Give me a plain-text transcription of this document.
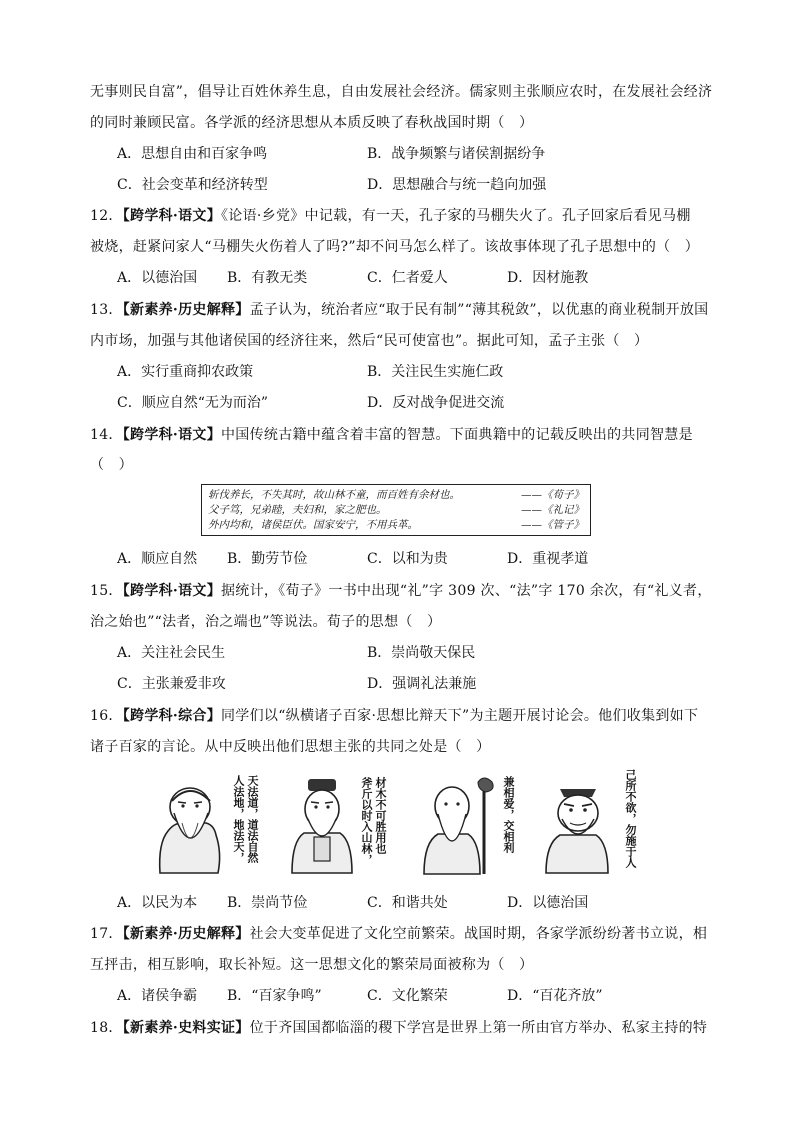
无事则民自富”，倡导让百姓休养生息，自由发展社会经济。儒家则主张顺应农时，在发展社会经济
的同时兼顾民富。各学派的经济思想从本质反映了春秋战国时期（　）
A．思想自由和百家争鸣	B．战争频繁与诸侯割据纷争
C．社会变革和经济转型	D．思想融合与统一趋向加强
12．【跨学科·语文】《论语·乡党》中记载，有一天，孔子家的马棚失火了。孔子回家后看见马棚
被烧，赶紧问家人“马棚失火伤着人了吗?”却不问马怎么样了。该故事体现了孔子思想中的（　）
A．以德治国 B．有教无类	C．仁者爱人	D．因材施教
13．【新素养·历史解释】孟子认为，统治者应“取于民有制”“薄其税敛”，以优惠的商业税制开放国
内市场，加强与其他诸侯国的经济往来，然后“民可使富也”。据此可知，孟子主张（　）
A．实行重商抑农政策	B．关注民生实施仁政
C．顺应自然“无为而治”	D．反对战争促进交流
14．【跨学科·语文】中国传统古籍中蕴含着丰富的智慧。下面典籍中的记载反映出的共同智慧是
（　）
斩伐养长，不失其时，故山林不童，而百姓有余材也。	——《荀子》
父子笃，兄弟睦，夫妇和，家之肥也。	——《礼记》
外内均和，诸侯臣伏。国家安宁，不用兵革。	——《管子》
A．顺应自然 B．勤劳节俭	C．以和为贵	D．重视孝道
15．【跨学科·语文】据统计，《荀子》一书中出现“礼”字 309 次、“法”字 170 余次，有“礼义者，
治之始也”“法者，治之端也”等说法。荀子的思想（　）
A．关注社会民生	B．崇尚敬天保民
C．主张兼爱非攻	D．强调礼法兼施
16．【跨学科·综合】同学们以“纵横诸子百家·思想比辩天下”为主题开展讨论会。他们收集到如下
诸子百家的言论。从中反映出他们思想主张的共同之处是（　）
人法地，地法天， 天法道，道法自然	斧斤以时入山林， 材木不可胜用也	兼相爱，交相利	己所不欲，勿施于人
A．以民为本 B．崇尚节俭	C．和谐共处	D．以德治国
17．【新素养·历史解释】社会大变革促进了文化空前繁荣。战国时期，各家学派纷纷著书立说，相
互抨击，相互影响，取长补短。这一思想文化的繁荣局面被称为（　）
A．诸侯争霸 B．“百家争鸣”	C．文化繁荣	D．“百花齐放”
18．【新素养·史料实证】位于齐国国都临淄的稷下学宫是世界上第一所由官方举办、私家主持的特
